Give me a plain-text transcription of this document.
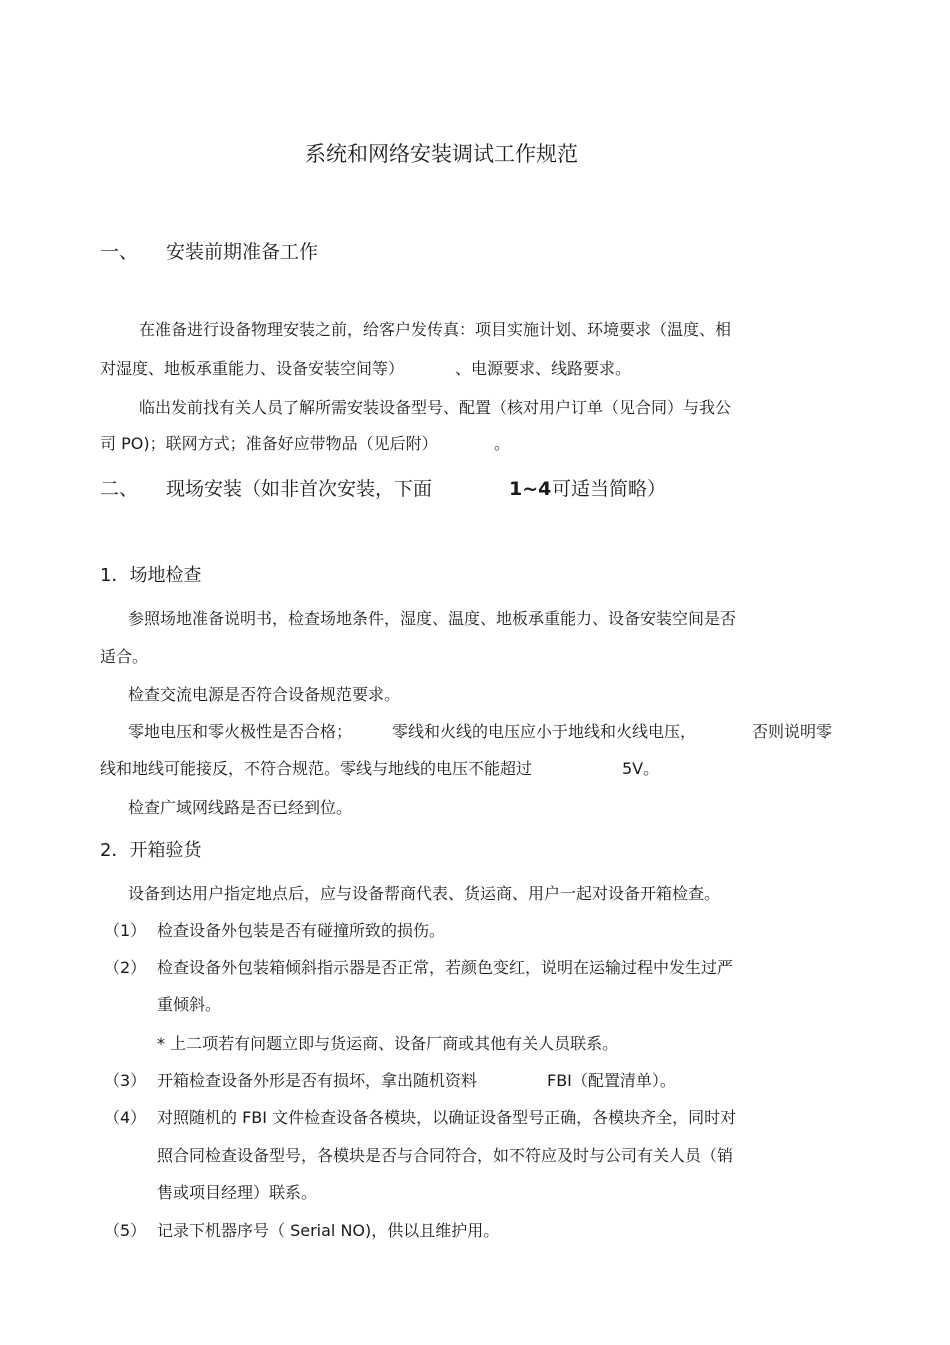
系统和网络安装调试工作规范
一、 安装前期准备工作
在准备进行设备物理安装之前，给客户发传真：项目实施计划、环境要求（温度、相
对湿度、地板承重能力、设备安装空间等）	、电源要求、线路要求。
临出发前找有关人员了解所需安装设备型号、配置（核对用户订单（见合同）与我公
司 PO)；联网方式；准备好应带物品（见后附）	。
二、 现场安装（如非首次安装，下面	1~4 可适当简略）
1．场地检查
参照场地准备说明书，检查场地条件，湿度、温度、地板承重能力、设备安装空间是否
适合。
检查交流电源是否符合设备规范要求。
零地电压和零火极性是否合格； 零线和火线的电压应小于地线和火线电压，	否则说明零
线和地线可能接反，不符合规范。零线与地线的电压不能超过	5V。
检查广域网线路是否已经到位。
2．开箱验货
设备到达用户指定地点后，应与设备帮商代表、货运商、用户一起对设备开箱检查。
（1） 检查设备外包装是否有碰撞所致的损伤。
（2） 检查设备外包装箱倾斜指示器是否正常，若颜色变红，说明在运输过程中发生过严
重倾斜。
* 上二项若有问题立即与货运商、设备厂商或其他有关人员联系。
（3） 开箱检查设备外形是否有损坏，拿出随机资料	FBI（配置清单）。
（4） 对照随机的 FBI 文件检查设备各模块，以确证设备型号正确，各模块齐全，同时对
照合同检查设备型号，各模块是否与合同符合，如不符应及时与公司有关人员（销
售或项目经理）联系。
（5） 记录下机器序号（ Serial NO)，供以且维护用。
